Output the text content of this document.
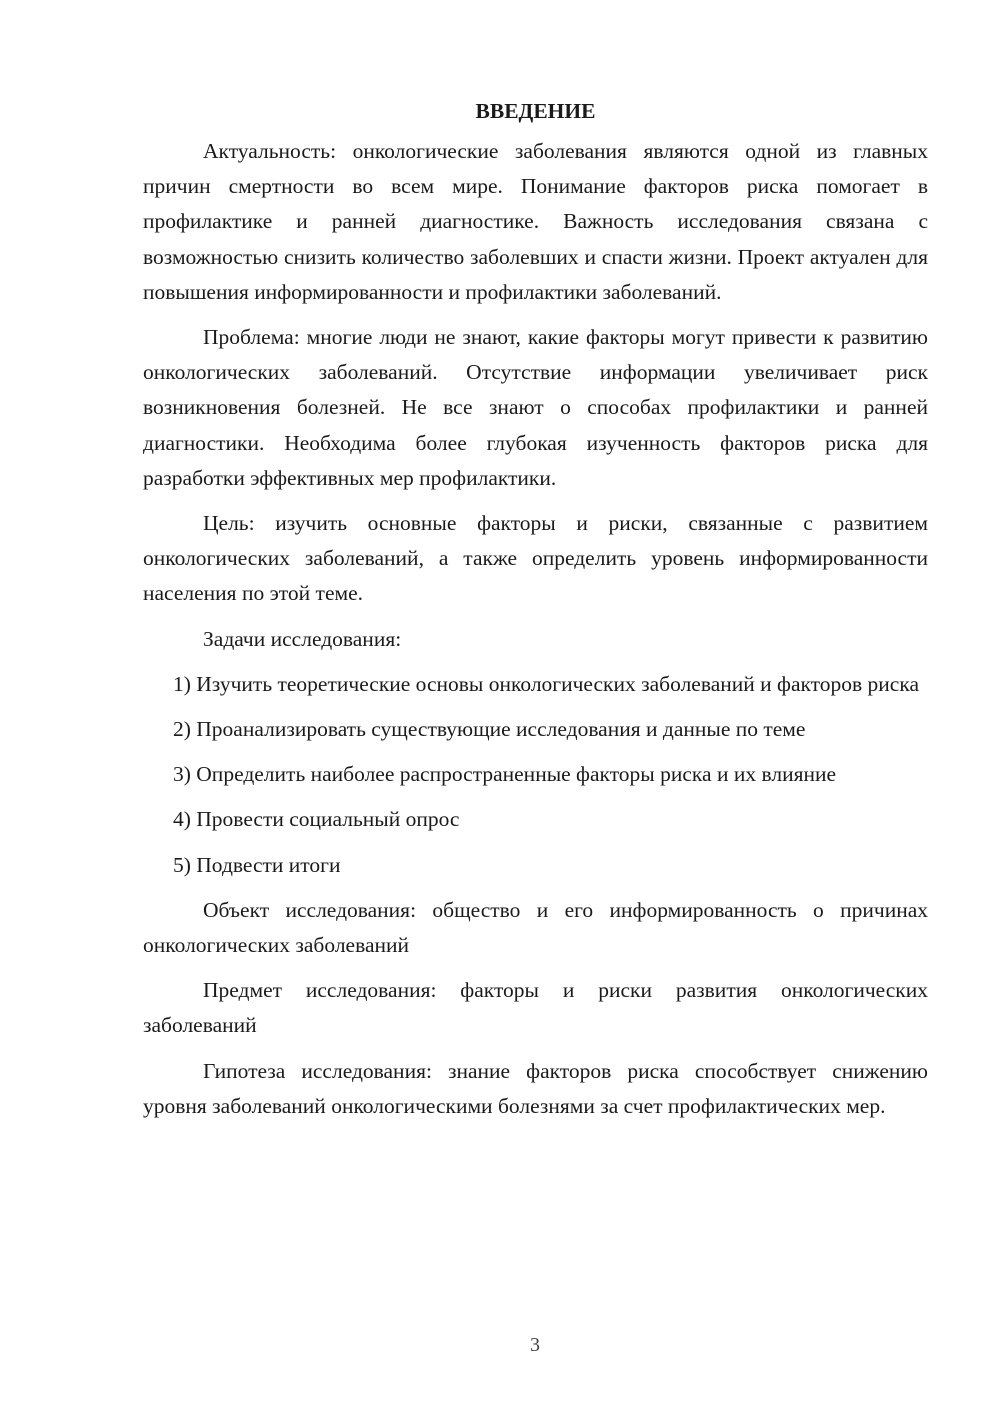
ВВЕДЕНИЕ

Актуальность: онкологические заболевания являются одной из главных причин смертности во всем мире. Понимание факторов риска помогает в профилактике и ранней диагностике. Важность исследования связана с возможностью снизить количество заболевших и спасти жизни. Проект актуален для повышения информированности и профилактики заболеваний.

Проблема: многие люди не знают, какие факторы могут привести к развитию онкологических заболеваний. Отсутствие информации увеличивает риск возникновения болезней. Не все знают о способах профилактики и ранней диагностики. Необходима более глубокая изученность факторов риска для разработки эффективных мер профилактики.

Цель: изучить основные факторы и риски, связанные с развитием онкологических заболеваний, а также определить уровень информированности населения по этой теме.

Задачи исследования:

1) Изучить теоретические основы онкологических заболеваний и факторов риска

2) Проанализировать существующие исследования и данные по теме

3) Определить наиболее распространенные факторы риска и их влияние

4) Провести социальный опрос

5) Подвести итоги

Объект исследования: общество и его информированность о причинах онкологических заболеваний

Предмет исследования: факторы и риски развития онкологических заболеваний

Гипотеза исследования: знание факторов риска способствует снижению уровня заболеваний онкологическими болезнями за счет профилактических мер.

3
